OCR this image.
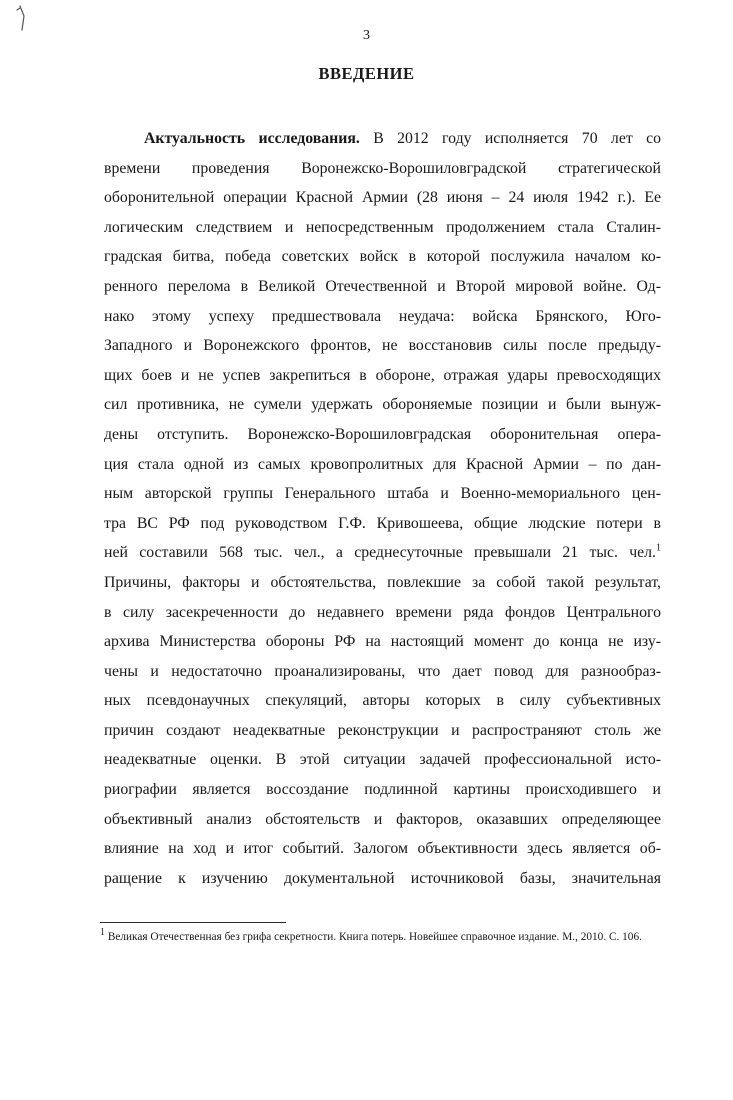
3
ВВЕДЕНИЕ
Актуальность исследования. В 2012 году исполняется 70 лет со
времени проведения Воронежско-Ворошиловградской стратегической
оборонительной операции Красной Армии (28 июня – 24 июля 1942 г.). Ее
логическим следствием и непосредственным продолжением стала Сталин-
градская битва, победа советских войск в которой послужила началом ко-
ренного перелома в Великой Отечественной и Второй мировой войне. Од-
нако этому успеху предшествовала неудача: войска Брянского, Юго-
Западного и Воронежского фронтов, не восстановив силы после предыду-
щих боев и не успев закрепиться в обороне, отражая удары превосходящих
сил противника, не сумели удержать обороняемые позиции и были вынуж-
дены отступить. Воронежско-Ворошиловградская оборонительная опера-
ция стала одной из самых кровопролитных для Красной Армии – по дан-
ным авторской группы Генерального штаба и Военно-мемориального цен-
тра ВС РФ под руководством Г.Ф. Кривошеева, общие людские потери в
ней составили 568 тыс. чел., а среднесуточные превышали 21 тыс. чел.$^1$
Причины, факторы и обстоятельства, повлекшие за собой такой результат,
в силу засекреченности до недавнего времени ряда фондов Центрального
архива Министерства обороны РФ на настоящий момент до конца не изу-
чены и недостаточно проанализированы, что дает повод для разнообраз-
ных псевдонаучных спекуляций, авторы которых в силу субъективных
причин создают неадекватные реконструкции и распространяют столь же
неадекватные оценки. В этой ситуации задачей профессиональной исто-
риографии является воссоздание подлинной картины происходившего и
объективный анализ обстоятельств и факторов, оказавших определяющее
влияние на ход и итог событий. Залогом объективности здесь является об-
ращение к изучению документальной источниковой базы, значительная
$^1$ Великая Отечественная без грифа секретности. Книга потерь. Новейшее справочное издание. М., 2010. С. 106.
